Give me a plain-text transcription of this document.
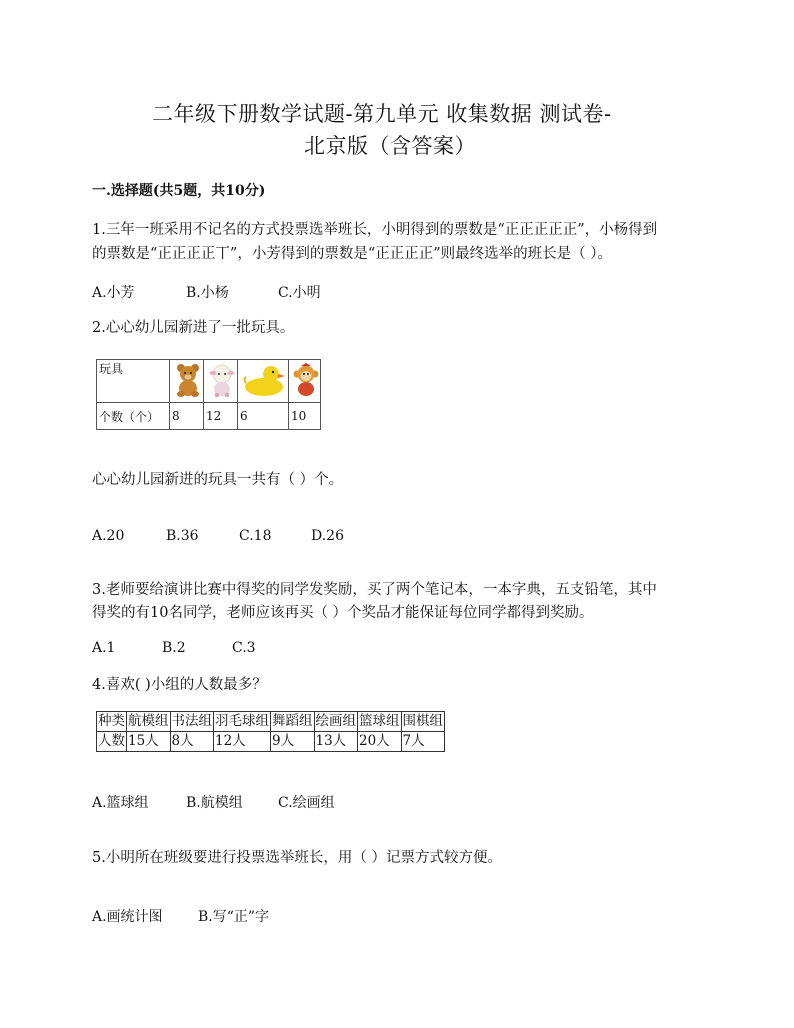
二年级下册数学试题-第九单元 收集数据 测试卷-
北京版（含答案）
一.选择题(共5题，共10分)
1.三年一班采用不记名的方式投票选举班长，小明得到的票数是“正正正正正”，小杨得到
的票数是“正正正正丅”，小芳得到的票数是“正正正正”则最终选举的班长是（ ）。
A.小芳	B.小杨	C.小明
2.心心幼儿园新进了一批玩具。
玩具	

个数（个）	8	12	6	10
心心幼儿园新进的玩具一共有（ ）个。
A.20	B.36	C.18	D.26
3.老师要给演讲比赛中得奖的同学发奖励，买了两个笔记本，一本字典，五支铅笔，其中
得奖的有10名同学，老师应该再买（ ）个奖品才能保证每位同学都得到奖励。
A.1	B.2	C.3
4.喜欢( )小组的人数最多？
种类	航模组	书法组	羽毛球组	舞蹈组	绘画组	篮球组	围棋组
人数	15人	8人	12人	9人	13人	20人	7人
A.篮球组	B.航模组	C.绘画组
5.小明所在班级要进行投票选举班长，用（ ）记票方式较方便。
A.画统计图	B.写“正”字
